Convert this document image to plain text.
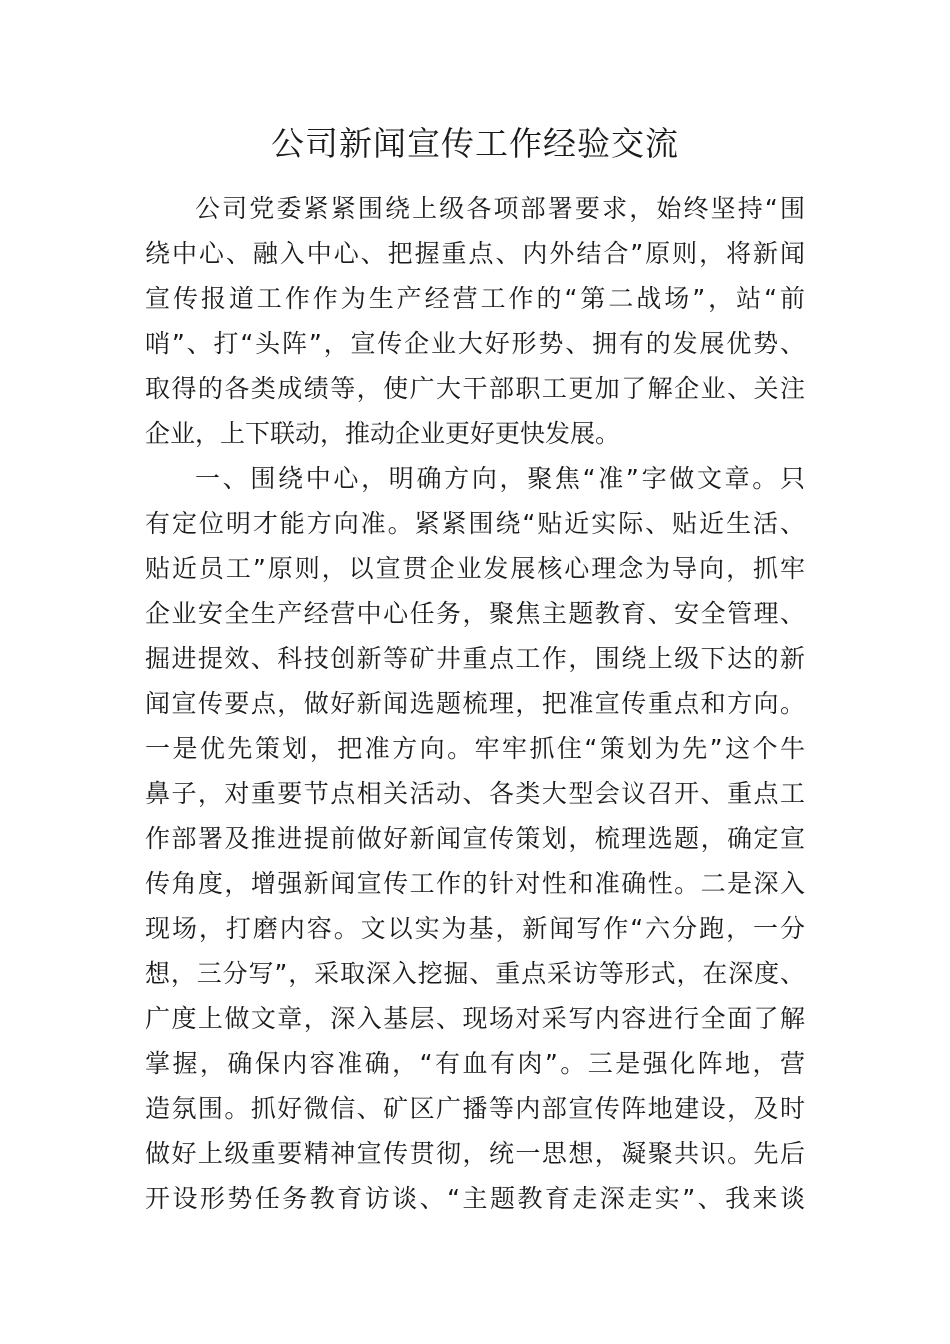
公司新闻宣传工作经验交流
公司党委紧紧围绕上级各项部署要求，始终坚持“围
绕中心、融入中心、把握重点、内外结合”原则，将新闻
宣传报道工作作为生产经营工作的“第二战场”，站“前
哨”、打“头阵”，宣传企业大好形势、拥有的发展优势、
取得的各类成绩等，使广大干部职工更加了解企业、关注
企业，上下联动，推动企业更好更快发展。
一、围绕中心，明确方向，聚焦“准”字做文章。只
有定位明才能方向准。紧紧围绕“贴近实际、贴近生活、
贴近员工”原则，以宣贯企业发展核心理念为导向，抓牢
企业安全生产经营中心任务，聚焦主题教育、安全管理、
掘进提效、科技创新等矿井重点工作，围绕上级下达的新
闻宣传要点，做好新闻选题梳理，把准宣传重点和方向。
一是优先策划，把准方向。牢牢抓住“策划为先”这个牛
鼻子，对重要节点相关活动、各类大型会议召开、重点工
作部署及推进提前做好新闻宣传策划，梳理选题，确定宣
传角度，增强新闻宣传工作的针对性和准确性。二是深入
现场，打磨内容。文以实为基，新闻写作“六分跑，一分
想，三分写”，采取深入挖掘、重点采访等形式，在深度、
广度上做文章，深入基层、现场对采写内容进行全面了解
掌握，确保内容准确，“有血有肉”。三是强化阵地，营
造氛围。抓好微信、矿区广播等内部宣传阵地建设，及时
做好上级重要精神宣传贯彻，统一思想，凝聚共识。先后
开设形势任务教育访谈、“主题教育走深走实”、我来谈
